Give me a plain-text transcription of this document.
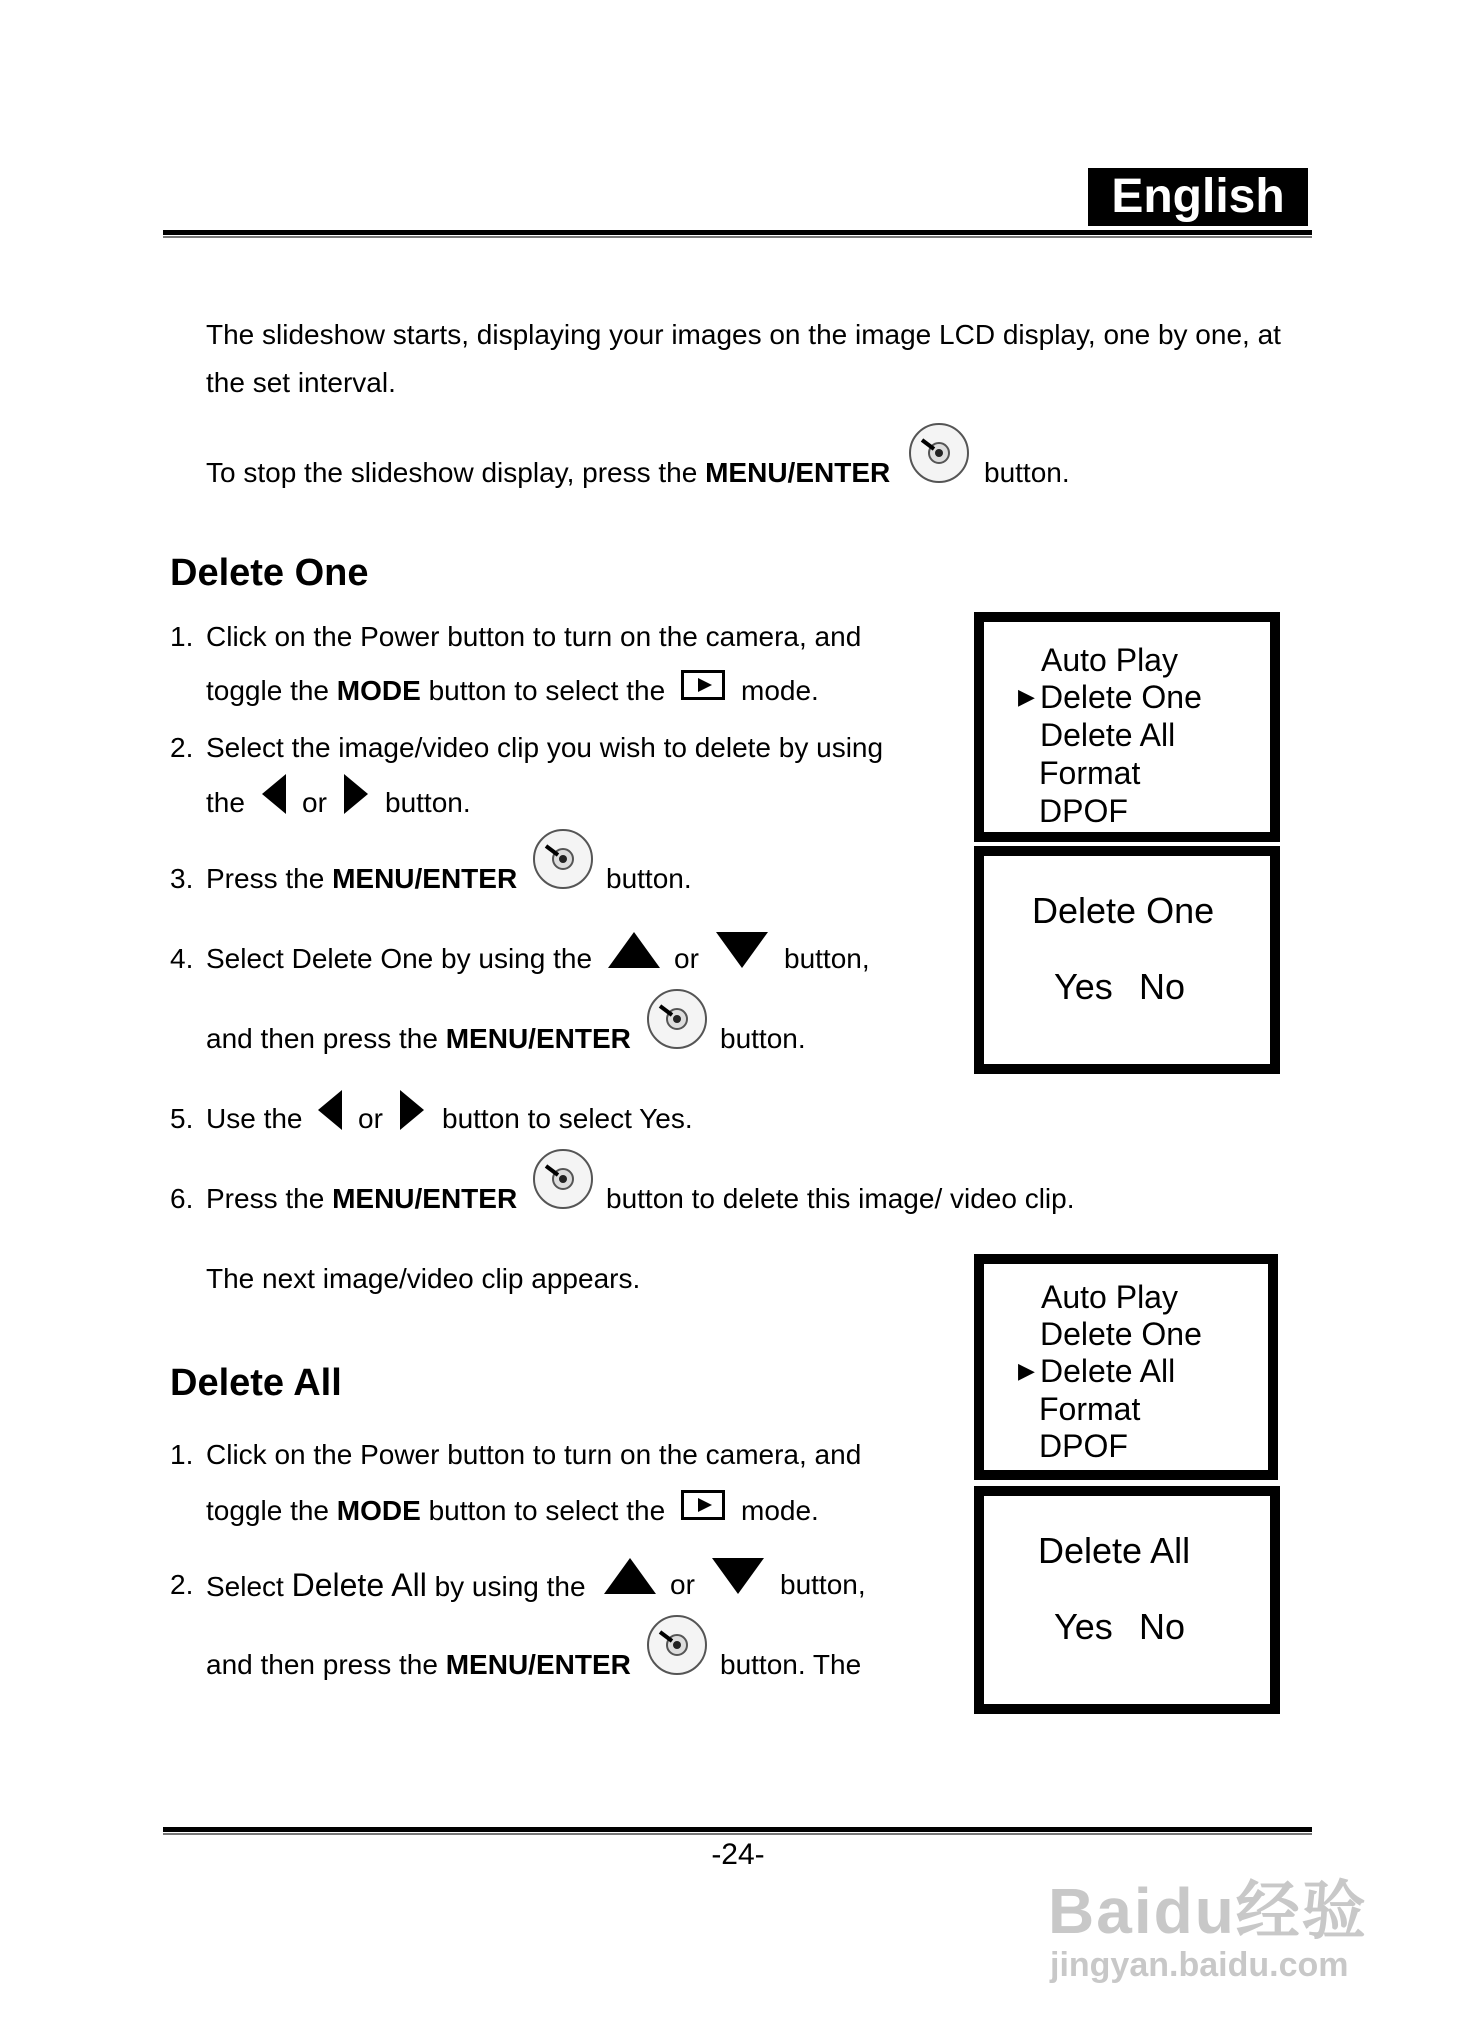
English
The slideshow starts, displaying your images on the image LCD display, one by one, at
the set interval.
To stop the slideshow display, press the MENU/ENTER	button.
Delete One
1. Click on the Power button to turn on the camera, and
toggle the MODE button to select the	mode.
2. Select the image/video clip you wish to delete by using
the or button.
3. Press the MENU/ENTER	button.
4. Select Delete One by using the	or	button,
and then press the MENU/ENTER	button.
5. Use the or button to select Yes.
6. Press the MENU/ENTER	button to delete this image/ video clip.
The next image/video clip appears.
Delete All
1. Click on the Power button to turn on the camera, and
toggle the MODE button to select the	mode.
2. Select Delete All by using the	or	button,
and then press the MENU/ENTER	button. The
Auto Play
▶ Delete One
Delete All
Format
DPOF
Delete One
Yes No
Auto Play
Delete One
▶ Delete All
Format
DPOF
Delete All
Yes No
-24-
Baidu经验
jingyan.baidu.com
